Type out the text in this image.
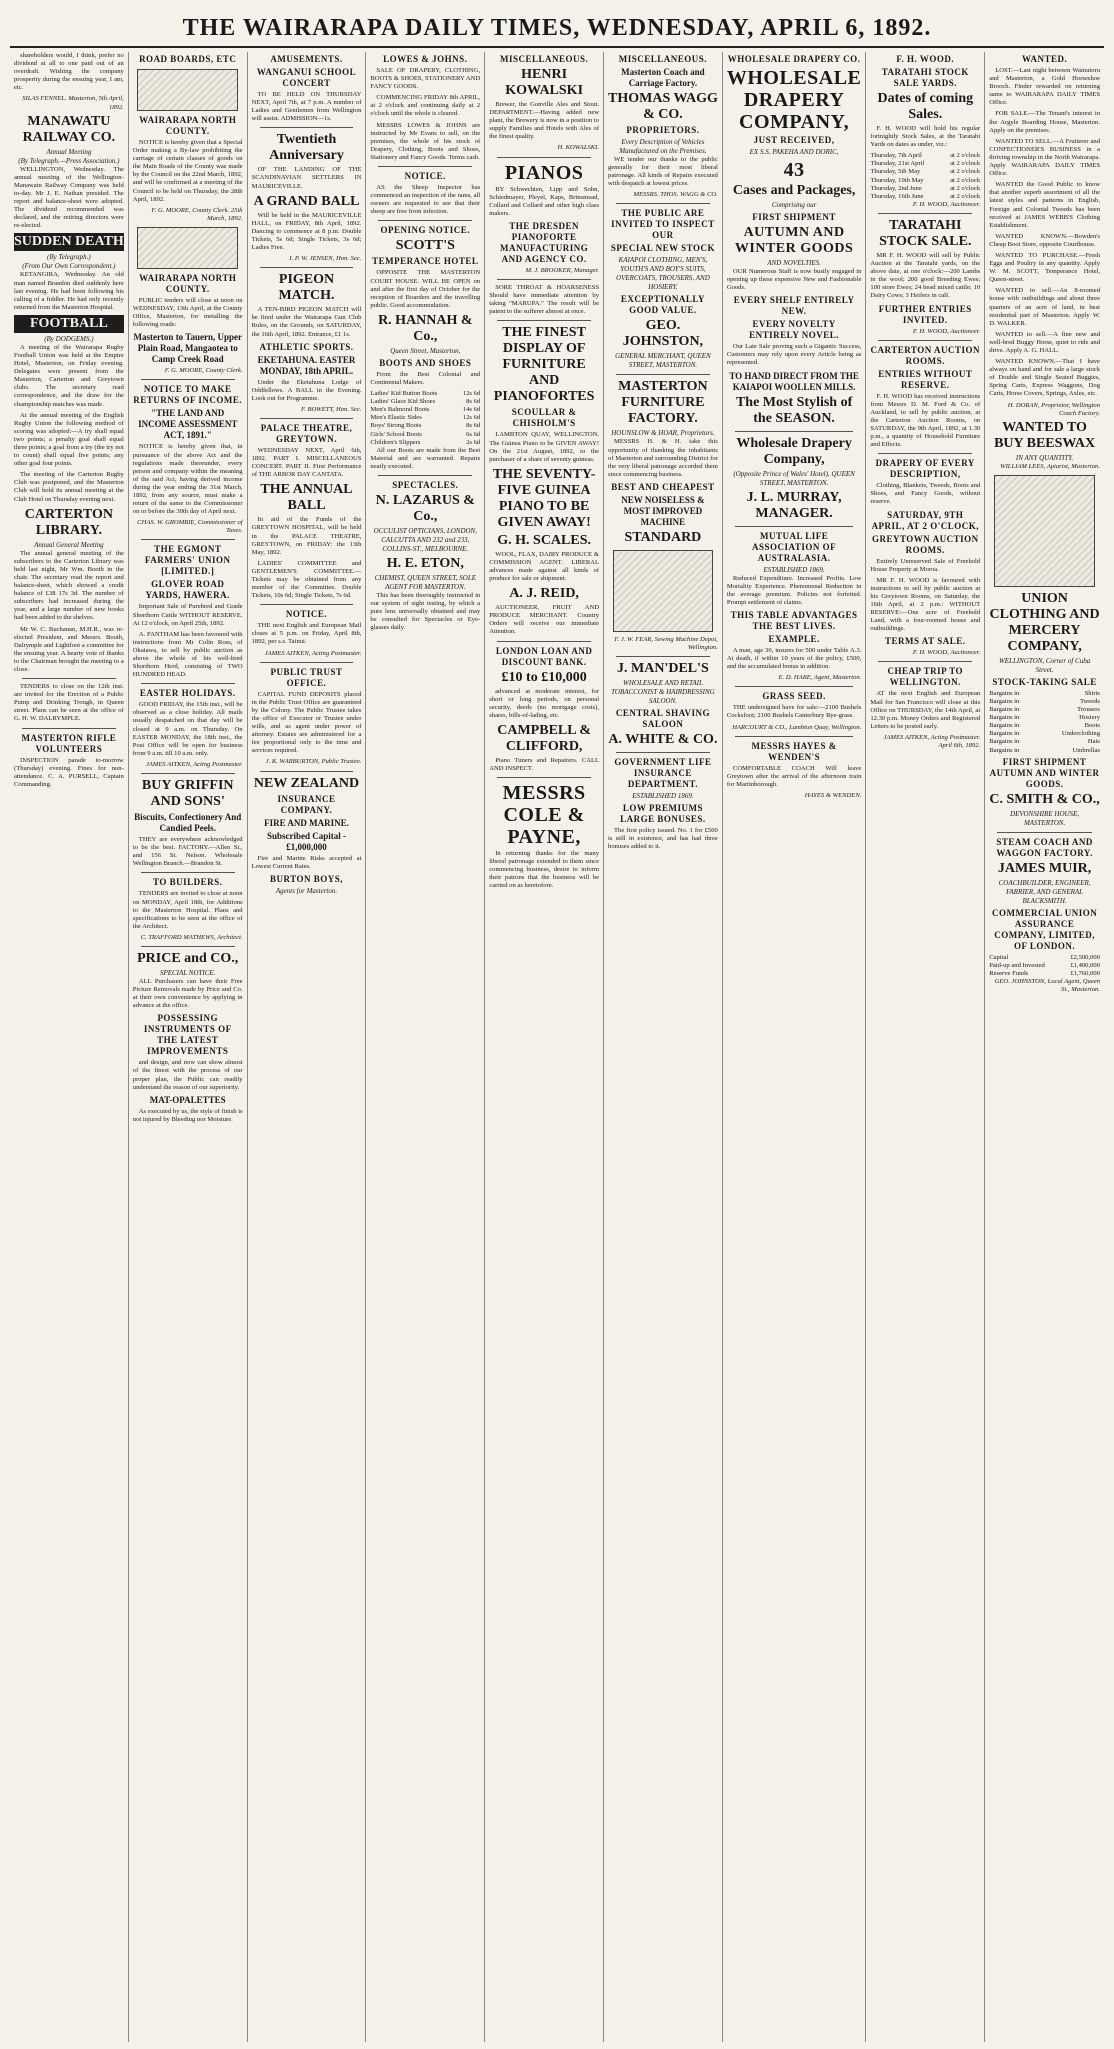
THE WAIRARAPA DAILY TIMES, WEDNESDAY, APRIL 6, 1892.

shareholders would, I think, prefer no dividend at all to one paid out of an overdraft. Wishing the company prosperity during the ensuing year, I am, etc.

SILAS FENNEL. Masterton, 5th April, 1892.
MANAWATU RAILWAY CO.
Annual Meeting
(By Telegraph.—Press Association.)

WELLINGTON, Wednesday. The annual meeting of the Wellington-Manawatu Railway Company was held to-day. Mr J. E. Nathan presided. The report and balance-sheet were adopted. The dividend recommended was declared, and the retiring directors were re-elected.

SUDDEN DEATH
(By Telegraph.)
(From Our Own Correspondent.)

KETANGIRA, Wednesday. An old man named Brandon died suddenly here last evening. He had been following his calling of a fiddler. He had only recently returned from the Masterton Hospital.

FOOTBALL
(By DODGEMS.)

A meeting of the Wairarapa Rugby Football Union was held at the Empire Hotel, Masterton, on Friday evening. Delegates were present from the Masterton, Carterton and Greytown clubs. The secretary read correspondence, and the draw for the championship matches was made.

At the annual meeting of the English Rugby Union the following method of scoring was adopted:—A try shall equal two points; a penalty goal shall equal three points; a goal from a try (the try not to count) shall equal five points; any other goal four points.

The meeting of the Carterton Rugby Club was postponed, and the Masterton Club will hold its annual meeting at the Club Hotel on Thursday evening next.

CARTERTON LIBRARY.
Annual General Meeting

The annual general meeting of the subscribers to the Carterton Library was held last night, Mr Wm. Booth in the chair. The secretary read the report and balance-sheet, which showed a credit balance of £38 17s 3d. The number of subscribers had increased during the year, and a large number of new books had been added to the shelves.

Mr W. C. Buchanan, M.H.R., was re-elected President, and Messrs. Booth, Dalrymple and Lightfoot a committee for the ensuing year. A hearty vote of thanks to the Chairman brought the meeting to a close.

TENDERS to close on the 12th inst. are invited for the Erection of a Public Pump and Drinking Trough, in Queen street. Plans can be seen at the office of G. H. W. DALRYMPLE.

MASTERTON RIFLE VOLUNTEERS

INSPECTION parade to-morrow (Thursday) evening. Fines for non-attendance. C. A. PURSELL, Captain Commanding.

ROAD BOARDS, ETC
WAIRARAPA NORTH COUNTY.

NOTICE is hereby given that a Special Order making a By-law prohibiting the carriage of certain classes of goods on the Main Roads of the County was made by the Council on the 22nd March, 1892, and will be confirmed at a meeting of the Council to be held on Thursday, the 28th April, 1892.

F. G. MOORE, County Clerk. 25th March, 1892.
WAIRARAPA NORTH COUNTY.

PUBLIC tenders will close at noon on WEDNESDAY, 13th April, at the County Office, Masterton, for metalling the following roads:

Masterton to Tauern, Upper Plain Road, Mangaotea to Camp Creek Road
F. G. MOORE, County Clerk.
NOTICE TO MAKE RETURNS OF INCOME.
"THE LAND AND INCOME ASSESSMENT ACT, 1891."

NOTICE is hereby given that, in pursuance of the above Act and the regulations made thereunder, every person and company within the meaning of the said Act, having derived income during the year ending the 31st March, 1892, from any source, must make a return of the same to the Commissioner on or before the 30th day of April next.

CHAS. W. GROMBIE, Commissioner of Taxes.
THE EGMONT FARMERS' UNION [LIMITED.]
GLOVER ROAD YARDS, HAWERA.

Important Sale of Purebred and Grade Shorthorn Cattle WITHOUT RESERVE. At 12 o'clock, on April 25th, 1892.

A. FANTHAM has been favoured with instructions from Mr Colin Ross, of Okaiawa, to sell by public auction as above the whole of his well-bred Shorthorn Herd, consisting of TWO HUNDRED HEAD.

EASTER HOLIDAYS.

GOOD FRIDAY, the 15th inst., will be observed as a close holiday. All mails usually despatched on that day will be closed at 9 a.m. on Thursday. On EASTER MONDAY, the 18th inst., the Post Office will be open for business from 9 a.m. till 10 a.m. only.

JAMES AITKEN, Acting Postmaster.
BUY GRIFFIN AND SONS'
Biscuits, Confectionery And Candied Peels.

THEY are everywhere acknowledged to be the best. FACTORY.—Allen St., and 156 St. Nelson. Wholesale Wellington Branch.—Brandon St.

TO BUILDERS.

TENDERS are invited to close at noon on MONDAY, April 18th, for Additions to the Masterton Hospital. Plans and specifications to be seen at the office of the Architect.

C. TRAFFORD MATHEWS, Architect.
PRICE and CO.,
SPECIAL NOTICE.

ALL Purchasers can have their Free Picture Removals made by Price and Co. at their own convenience by applying in advance at the office.

POSSESSING INSTRUMENTS OF THE LATEST IMPROVEMENTS

and design, and now can show almost of the finest with the process of our proper plan, the Public can readily understand the reason of our superiority.

MAT-OPALETTES

As executed by us, the style of finish is not injured by Bleeding nor Moisture.

AMUSEMENTS.
WANGANUI SCHOOL CONCERT

TO BE HELD ON THURSDAY NEXT, April 7th, at 7 p.m. A number of Ladies and Gentlemen from Wellington will assist. ADMISSION—1s.

Twentieth Anniversary

OF THE LANDING OF THE SCANDINAVIAN SETTLERS IN MAURICEVILLE.

A GRAND BALL

Will be held in the MAURICEVILLE HALL, on FRIDAY, 8th April, 1892. Dancing to commence at 8 p.m. Double Tickets, 5s 6d; Single Tickets, 3s 6d; Ladies Free.

I. P. W. JENSEN, Hon. Sec.
PIGEON MATCH.

A TEN-BIRD PIGEON MATCH will be fired under the Wairarapa Gun Club Rules, on the Grounds, on SATURDAY, the 16th April, 1892. Entrance, £1 1s.

ATHLETIC SPORTS.
EKETAHUNA. EASTER MONDAY, 18th APRIL.

Under the Eketahuna Lodge of Oddfellows. A BALL in the Evening. Look out for Programme.

F. BOWETT, Hon. Sec.
PALACE THEATRE, GREYTOWN.

WEDNESDAY NEXT, April 6th, 1892. PART I. MISCELLANEOUS CONCERT. PART II. First Performance of THE ARBOR DAY CANTATA.

THE ANNUAL BALL

In aid of the Funds of the GREYTOWN HOSPITAL, will be held in the PALACE THEATRE, GREYTOWN, on FRIDAY: the 13th May, 1892.

LADIES' COMMITTEE and GENTLEMEN'S COMMITTEE.—Tickets may be obtained from any member of the Committee. Double Tickets, 10s 6d; Single Tickets, 7s 6d.

NOTICE.

THE next English and European Mail closes at 5 p.m. on Friday, April 8th, 1892, per s.s. Tainui.

JAMES AITKEN, Acting Postmaster.
PUBLIC TRUST OFFICE.

CAPITAL FUND DEPOSITS placed in the Public Trust Office are guaranteed by the Colony. The Public Trustee takes the office of Executor or Trustee under wills, and as agent under power of attorney. Estates are administered for a fee proportional only to the time and services required.

J. K. WARBURTON, Public Trustee.
NEW ZEALAND
INSURANCE COMPANY.
FIRE AND MARINE.
Subscribed Capital - £1,000,000

Fire and Marine Risks accepted at Lowest Current Rates.

BURTON BOYS,
Agents for Masterton.
LOWES & JOHNS.

SALE OF DRAPERY, CLOTHING, BOOTS & SHOES, STATIONERY AND FANCY GOODS.

COMMENCING FRIDAY 8th APRIL, at 2 o'clock and continuing daily at 2 o'clock until the whole is cleared.

MESSRS LOWES & JOHNS are instructed by Mr Evans to sell, on the premises, the whole of his stock of Drapery, Clothing, Boots and Shoes, Stationery and Fancy Goods. Terms cash.

NOTICE.

AS the Sheep Inspector has commenced an inspection of the rams, all owners are requested to see that their sheep are free from infection.

OPENING NOTICE.
SCOTT'S
TEMPERANCE HOTEL

OPPOSITE THE MASTERTON COURT HOUSE. WILL BE OPEN on and after the first day of October for the reception of Boarders and the travelling public. Good accommodation.

R. HANNAH & Co.,
Queen Street, Masterton,
BOOTS AND SHOES

From the Best Colonial and Continental Makers.

Ladies' Kid Button Boots	12s 6d
Ladies' Glace Kid Shoes	8s 6d
Men's Balmoral Boots	14s 6d
Men's Elastic Sides	12s 6d
Boys' Strong Boots	8s 6d
Girls' School Boots	6s 6d
Children's Slippers	2s 6d

All our Boots are made from the Best Material and are warranted. Repairs neatly executed.

SPECTACLES.
N. LAZARUS & Co.,
OCCULIST OPTICIANS, LONDON, CALCUTTA AND 232 and 233, COLLINS-ST., MELBOURNE.
H. E. ETON,
CHEMIST, QUEEN STREET, SOLE AGENT FOR MASTERTON.

This has been thoroughly instructed in our system of sight testing, by which a pure lens universally obtained and may be consulted for Spectacles or Eye-glasses daily.

MISCELLANEOUS.
HENRI KOWALSKI

Brewer, the Gonville Ales and Stout. DEPARTMENT.—Having added new plant, the Brewery is now in a position to supply Families and Hotels with Ales of the finest quality.

H. KOWALSKI.
PIANOS

BY Schwechten, Lipp and Sohn, Schiedmayer, Pleyel, Kaps, Brinsmead, Collard and Collard and other high class makers.

THE DRESDEN PIANOFORTE MANUFACTURING AND AGENCY CO.
M. J. BROOKER, Manager.

SORE THROAT & HOARSENESS Should have immediate attention by taking "MARUPA." The result will be patent to the sufferer almost at once.

THE FINEST DISPLAY OF FURNITURE AND PIANOFORTES
SCOULLAR & CHISHOLM'S

LAMBTON QUAY, WELLINGTON. The Guinea Piano to be GIVEN AWAY! On the 21st August, 1892, to the purchaser of a share of seventy guineas.

THE SEVENTY-FIVE GUINEA PIANO TO BE GIVEN AWAY!
G. H. SCALES.

WOOL, FLAX, DAIRY PRODUCE & COMMISSION AGENT. LIBERAL advances made against all kinds of produce for sale or shipment.

A. J. REID,

AUCTIONEER, FRUIT AND PRODUCE MERCHANT. Country Orders will receive our immediate Attention.

LONDON LOAN AND DISCOUNT BANK.
£10 to £10,000

advanced at moderate interest, for short or long periods, on personal security, deeds (no mortgage costs), shares, bills-of-lading, etc.

CAMPBELL & CLIFFORD,

Piano Tuners and Repairers. CALL AND INSPECT.

MESSRS COLE & PAYNE,

In returning thanks for the many liberal patronage extended to them since commencing business, desire to inform their patrons that the business will be carried on as heretofore.

MISCELLANEOUS.
Masterton Coach and Carriage Factory.
THOMAS WAGG & CO.
PROPRIETORS.
Every Description of Vehicles Manufactured on the Premises.

WE tender our thanks to the public generally for their most liberal patronage. All kinds of Repairs executed with despatch at lowest prices.

MESSRS. THOS. WAGG & CO.
THE PUBLIC ARE INVITED TO INSPECT OUR
SPECIAL NEW STOCK
KAIAPOI CLOTHING, MEN'S, YOUTH'S AND BOY'S SUITS, OVERCOATS, TROUSERS, AND HOSIERY.
EXCEPTIONALLY GOOD VALUE.
GEO. JOHNSTON,
GENERAL MERCHANT, QUEEN STREET, MASTERTON.
MASTERTON FURNITURE FACTORY.
HOUNSLOW & HOAR, Proprietors.

MESSRS H. & H. take this opportunity of thanking the inhabitants of Masterton and surrounding District for the very liberal patronage accorded them since commencing business.

BEST AND CHEAPEST
NEW NOISELESS & MOST IMPROVED MACHINE
STANDARD
F. J. W. FEAR, Sewing Machine Depot, Wellington.
J. MAN'DEL'S
WHOLESALE AND RETAIL TOBACCONIST & HAIRDRESSING SALOON.
CENTRAL SHAVING SALOON
A. WHITE & CO.
GOVERNMENT LIFE INSURANCE DEPARTMENT.
ESTABLISHED 1869.
LOW PREMIUMS LARGE BONUSES.

The first policy issued. No. 1 for £500 is still in existence, and has had three bonuses added to it.

WHOLESALE DRAPERY CO.
WHOLESALE DRAPERY COMPANY,
JUST RECEIVED,
EX S.S. PAKEHA AND DORIC,
43
Cases and Packages,
Comprising our
FIRST SHIPMENT
AUTUMN AND WINTER GOODS
AND NOVELTIES.

OUR Numerous Staff is now busily engaged in opening up these expensive New and Fashionable Goods.

EVERY SHELF ENTIRELY NEW.
EVERY NOVELTY ENTIRELY NOVEL.

Our Late Sale proving such a Gigantic Success, Customers may rely upon every Article being as represented.

TO HAND DIRECT FROM THE KAIAPOI WOOLLEN MILLS.
The Most Stylish of the SEASON.
Wholesale Drapery Company,
(Opposite Prince of Wales' Hotel), QUEEN STREET, MASTERTON.
J. L. MURRAY, MANAGER.
MUTUAL LIFE ASSOCIATION OF AUSTRALASIA.
ESTABLISHED 1869.

Reduced Expenditure. Increased Profits. Low Mortality Experience. Phenomenal Reduction in the average premium. Policies not forfeited. Prompt settlement of claims.

THIS TABLE ADVANTAGES THE BEST LIVES.
EXAMPLE.

A man, age 30, insures for 500 under Table A.3. At death, if within 10 years of the policy, £500, and the accumulated bonus in addition.

E. D. HARE, Agent, Masterton.
GRASS SEED.

THE undersigned have for sale:—2100 Bushels Cocksfoot; 2100 Bushels Canterbury Rye-grass.

HARCOURT & CO., Lambton Quay, Wellington.
MESSRS HAYES & WENDEN'S

COMFORTABLE COACH Will leave Greytown after the arrival of the afternoon train for Martinborough.

HAYES & WENDEN.
F. H. WOOD.
TARATAHI STOCK SALE YARDS.
Dates of coming Sales.

F. H. WOOD will hold his regular fortnightly Stock Sales, at the Taratahi Yards on dates as under, viz.:

Thursday, 7th April	at 2 o'clock
Thursday, 21st April	at 2 o'clock
Thursday, 5th May	at 2 o'clock
Thursday, 19th May	at 2 o'clock
Thursday, 2nd June	at 2 o'clock
Thursday, 16th June	at 2 o'clock
F. H. WOOD, Auctioneer.
TARATAHI STOCK SALE.

MR F. H. WOOD will sell by Public Auction at the Taratahi yards, on the above date, at one o'clock:—200 Lambs in the wool; 200 good Breeding Ewes; 100 store Ewes; 24 head mixed cattle; 10 Dairy Cows; 3 Heifers in calf.

FURTHER ENTRIES INVITED.
F. H. WOOD, Auctioneer.
CARTERTON AUCTION ROOMS.
ENTRIES WITHOUT RESERVE.

F. H. WOOD has received instructions from Messrs D. M. Ford & Co. of Auckland, to sell by public auction, at the Carterton Auction Rooms, on SATURDAY, the 9th April, 1892, at 1.30 p.m., a quantity of Household Furniture and Effects.

DRAPERY OF EVERY DESCRIPTION,

Clothing, Blankets, Tweeds, Boots and Shoes, and Fancy Goods, without reserve.

SATURDAY, 9TH APRIL, AT 2 O'CLOCK,
GREYTOWN AUCTION ROOMS.

Entirely Unreserved Sale of Freehold House Property at Moroa.

MR F. H. WOOD is favoured with instructions to sell by public auction at his Greytown Rooms, on Saturday, the 16th April, at 2 p.m.: WITHOUT RESERVE:—One acre of Freehold Land, with a four-roomed house and outbuildings.

TERMS AT SALE.
F. H. WOOD, Auctioneer.
CHEAP TRIP TO WELLINGTON.

AT the next English and European Mail for San Francisco will close at this Office on THURSDAY, the 14th April, at 12.30 p.m. Money Orders and Registered Letters to be posted early.

JAMES AITKEN, Acting Postmaster. April 6th, 1892.
WANTED.

LOST.—Last night between Wainuioru and Masterton, a Gold Horseshoe Brooch. Finder rewarded on returning same to WAIRARAPA DAILY TIMES Office.

FOR SALE.—The Tenant's interest in the Argyle Boarding House, Masterton. Apply on the premises.

WANTED TO SELL.—A Fruiterer and CONFECTIONER'S BUSINESS in a thriving township in the North Wairarapa. Apply WAIRARAPA DAILY TIMES Office.

WANTED the Good Public to know that another superb assortment of all the latest styles and patterns in English, Foreign and Colonial Tweeds has been received at JAMES WEBB'S Clothing Establishment.

WANTED KNOWN.—Bowden's Cheap Boot Store, opposite Courthouse.

WANTED TO PURCHASE.—Fresh Eggs and Poultry in any quantity. Apply W. M. SCOTT, Temperance Hotel, Queen-street.

WANTED to sell.—An 8-roomed house with outbuildings and about three quarters of an acre of land, in best residential part of Masterton. Apply W. D. WALKER.

WANTED to sell.—A fine new and well-bred Buggy Horse, quiet to ride and drive. Apply A. G. HALL.

WANTED KNOWN.—That I have always on hand and for sale a large stock of Double and Single Seated Buggies, Spring Carts, Express Waggons, Dog Carts, Horse Covers, Springs, Axles, etc.

H. DORAN, Proprietor, Wellington Coach Factory.
WANTED TO BUY BEESWAX
IN ANY QUANTITY.
WILLIAM LEES, Apiarist, Masterton.
UNION CLOTHING AND MERCERY COMPANY,
WELLINGTON, Corner of Cuba Street.
STOCK-TAKING SALE
Bargains in	Shirts
Bargains in	Tweeds
Bargains in	Trousers
Bargains in	Hosiery
Bargains in	Boots
Bargains in	Underclothing
Bargains in	Hats
Bargains in	Umbrellas
FIRST SHIPMENT AUTUMN AND WINTER GOODS.
C. SMITH & CO.,
DEVONSHIRE HOUSE, MASTERTON.
STEAM COACH AND WAGGON FACTORY.
JAMES MUIR,
COACHBUILDER, ENGINEER, FARRIER, AND GENERAL BLACKSMITH.
COMMERCIAL UNION ASSURANCE COMPANY, LIMITED, OF LONDON.
Capital	£2,500,000
Paid-up and Invested	£1,400,000
Reserve Funds	£1,760,000
GEO. JOHNSTON, Local Agent, Queen St., Masterton.
